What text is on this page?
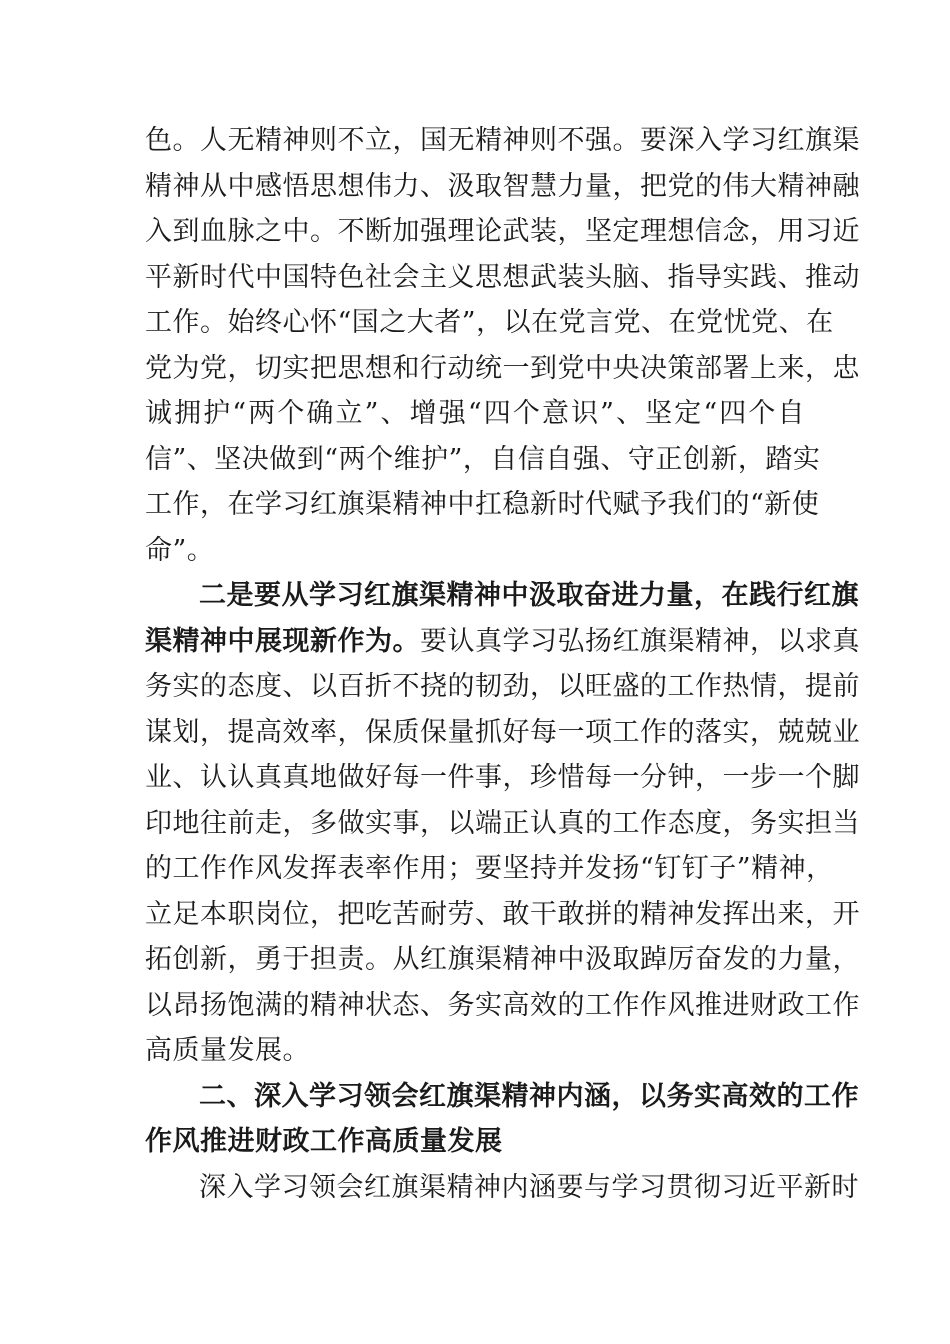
色。人无精神则不立，国无精神则不强。要深入学习红旗渠
精神从中感悟思想伟力、汲取智慧力量，把党的伟大精神融
入到血脉之中。不断加强理论武装，坚定理想信念，用习近
平新时代中国特色社会主义思想武装头脑、指导实践、推动
工作。始终心怀“国之大者”，以在党言党、在党忧党、在
党为党，切实把思想和行动统一到党中央决策部署上来，忠
诚拥护“两个确立”、增强“四个意识”、坚定“四个自
信”、坚决做到“两个维护”，自信自强、守正创新，踏实
工作，在学习红旗渠精神中扛稳新时代赋予我们的“新使
命”。
二是要从学习红旗渠精神中汲取奋进力量，在践行红旗
渠精神中展现新作为。要认真学习弘扬红旗渠精神，以求真
务实的态度、以百折不挠的韧劲，以旺盛的工作热情，提前
谋划，提高效率，保质保量抓好每一项工作的落实，兢兢业
业、认认真真地做好每一件事，珍惜每一分钟，一步一个脚
印地往前走，多做实事，以端正认真的工作态度，务实担当
的工作作风发挥表率作用；要坚持并发扬“钉钉子”精神，
立足本职岗位，把吃苦耐劳、敢干敢拼的精神发挥出来，开
拓创新，勇于担责。从红旗渠精神中汲取踔厉奋发的力量，
以昂扬饱满的精神状态、务实高效的工作作风推进财政工作
高质量发展。
二、深入学习领会红旗渠精神内涵，以务实高效的工作
作风推进财政工作高质量发展
深入学习领会红旗渠精神内涵要与学习贯彻习近平新时
